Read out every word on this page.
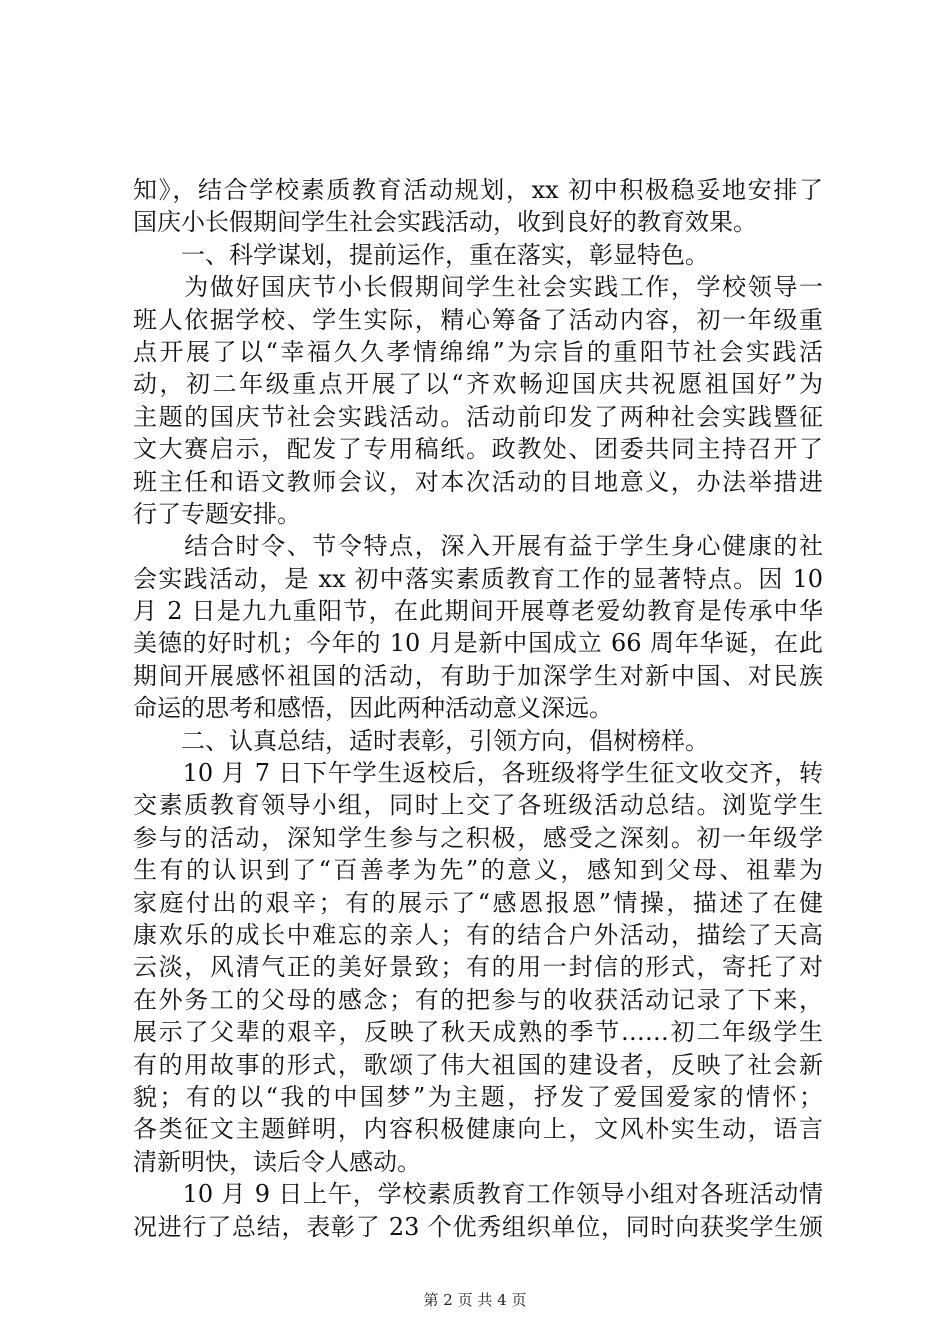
知》，结合学校素质教育活动规划，xx 初中积极稳妥地安排了
国庆小长假期间学生社会实践活动，收到良好的教育效果。
　　一、科学谋划，提前运作，重在落实，彰显特色。
　　为做好国庆节小长假期间学生社会实践工作，学校领导一
班人依据学校、学生实际，精心筹备了活动内容，初一年级重
点开展了以“幸福久久孝情绵绵”为宗旨的重阳节社会实践活
动，初二年级重点开展了以“齐欢畅迎国庆共祝愿祖国好”为
主题的国庆节社会实践活动。活动前印发了两种社会实践暨征
文大赛启示，配发了专用稿纸。政教处、团委共同主持召开了
班主任和语文教师会议，对本次活动的目地意义，办法举措进
行了专题安排。
　　结合时令、节令特点，深入开展有益于学生身心健康的社
会实践活动，是 xx 初中落实素质教育工作的显著特点。因 10
月 2 日是九九重阳节，在此期间开展尊老爱幼教育是传承中华
美德的好时机；今年的 10 月是新中国成立 66 周年华诞，在此
期间开展感怀祖国的活动，有助于加深学生对新中国、对民族
命运的思考和感悟，因此两种活动意义深远。
　　二、认真总结，适时表彰，引领方向，倡树榜样。
　　10 月 7 日下午学生返校后，各班级将学生征文收交齐，转
交素质教育领导小组，同时上交了各班级活动总结。浏览学生
参与的活动，深知学生参与之积极，感受之深刻。初一年级学
生有的认识到了“百善孝为先”的意义，感知到父母、祖辈为
家庭付出的艰辛；有的展示了“感恩报恩”情操，描述了在健
康欢乐的成长中难忘的亲人；有的结合户外活动，描绘了天高
云淡，风清气正的美好景致；有的用一封信的形式，寄托了对
在外务工的父母的感念；有的把参与的收获活动记录了下来，
展示了父辈的艰辛，反映了秋天成熟的季节……初二年级学生
有的用故事的形式，歌颂了伟大祖国的建设者，反映了社会新
貌；有的以“我的中国梦”为主题，抒发了爱国爱家的情怀；
各类征文主题鲜明，内容积极健康向上，文风朴实生动，语言
清新明快，读后令人感动。
　　10 月 9 日上午，学校素质教育工作领导小组对各班活动情
况进行了总结，表彰了 23 个优秀组织单位，同时向获奖学生颁
第 2 页 共 4 页
